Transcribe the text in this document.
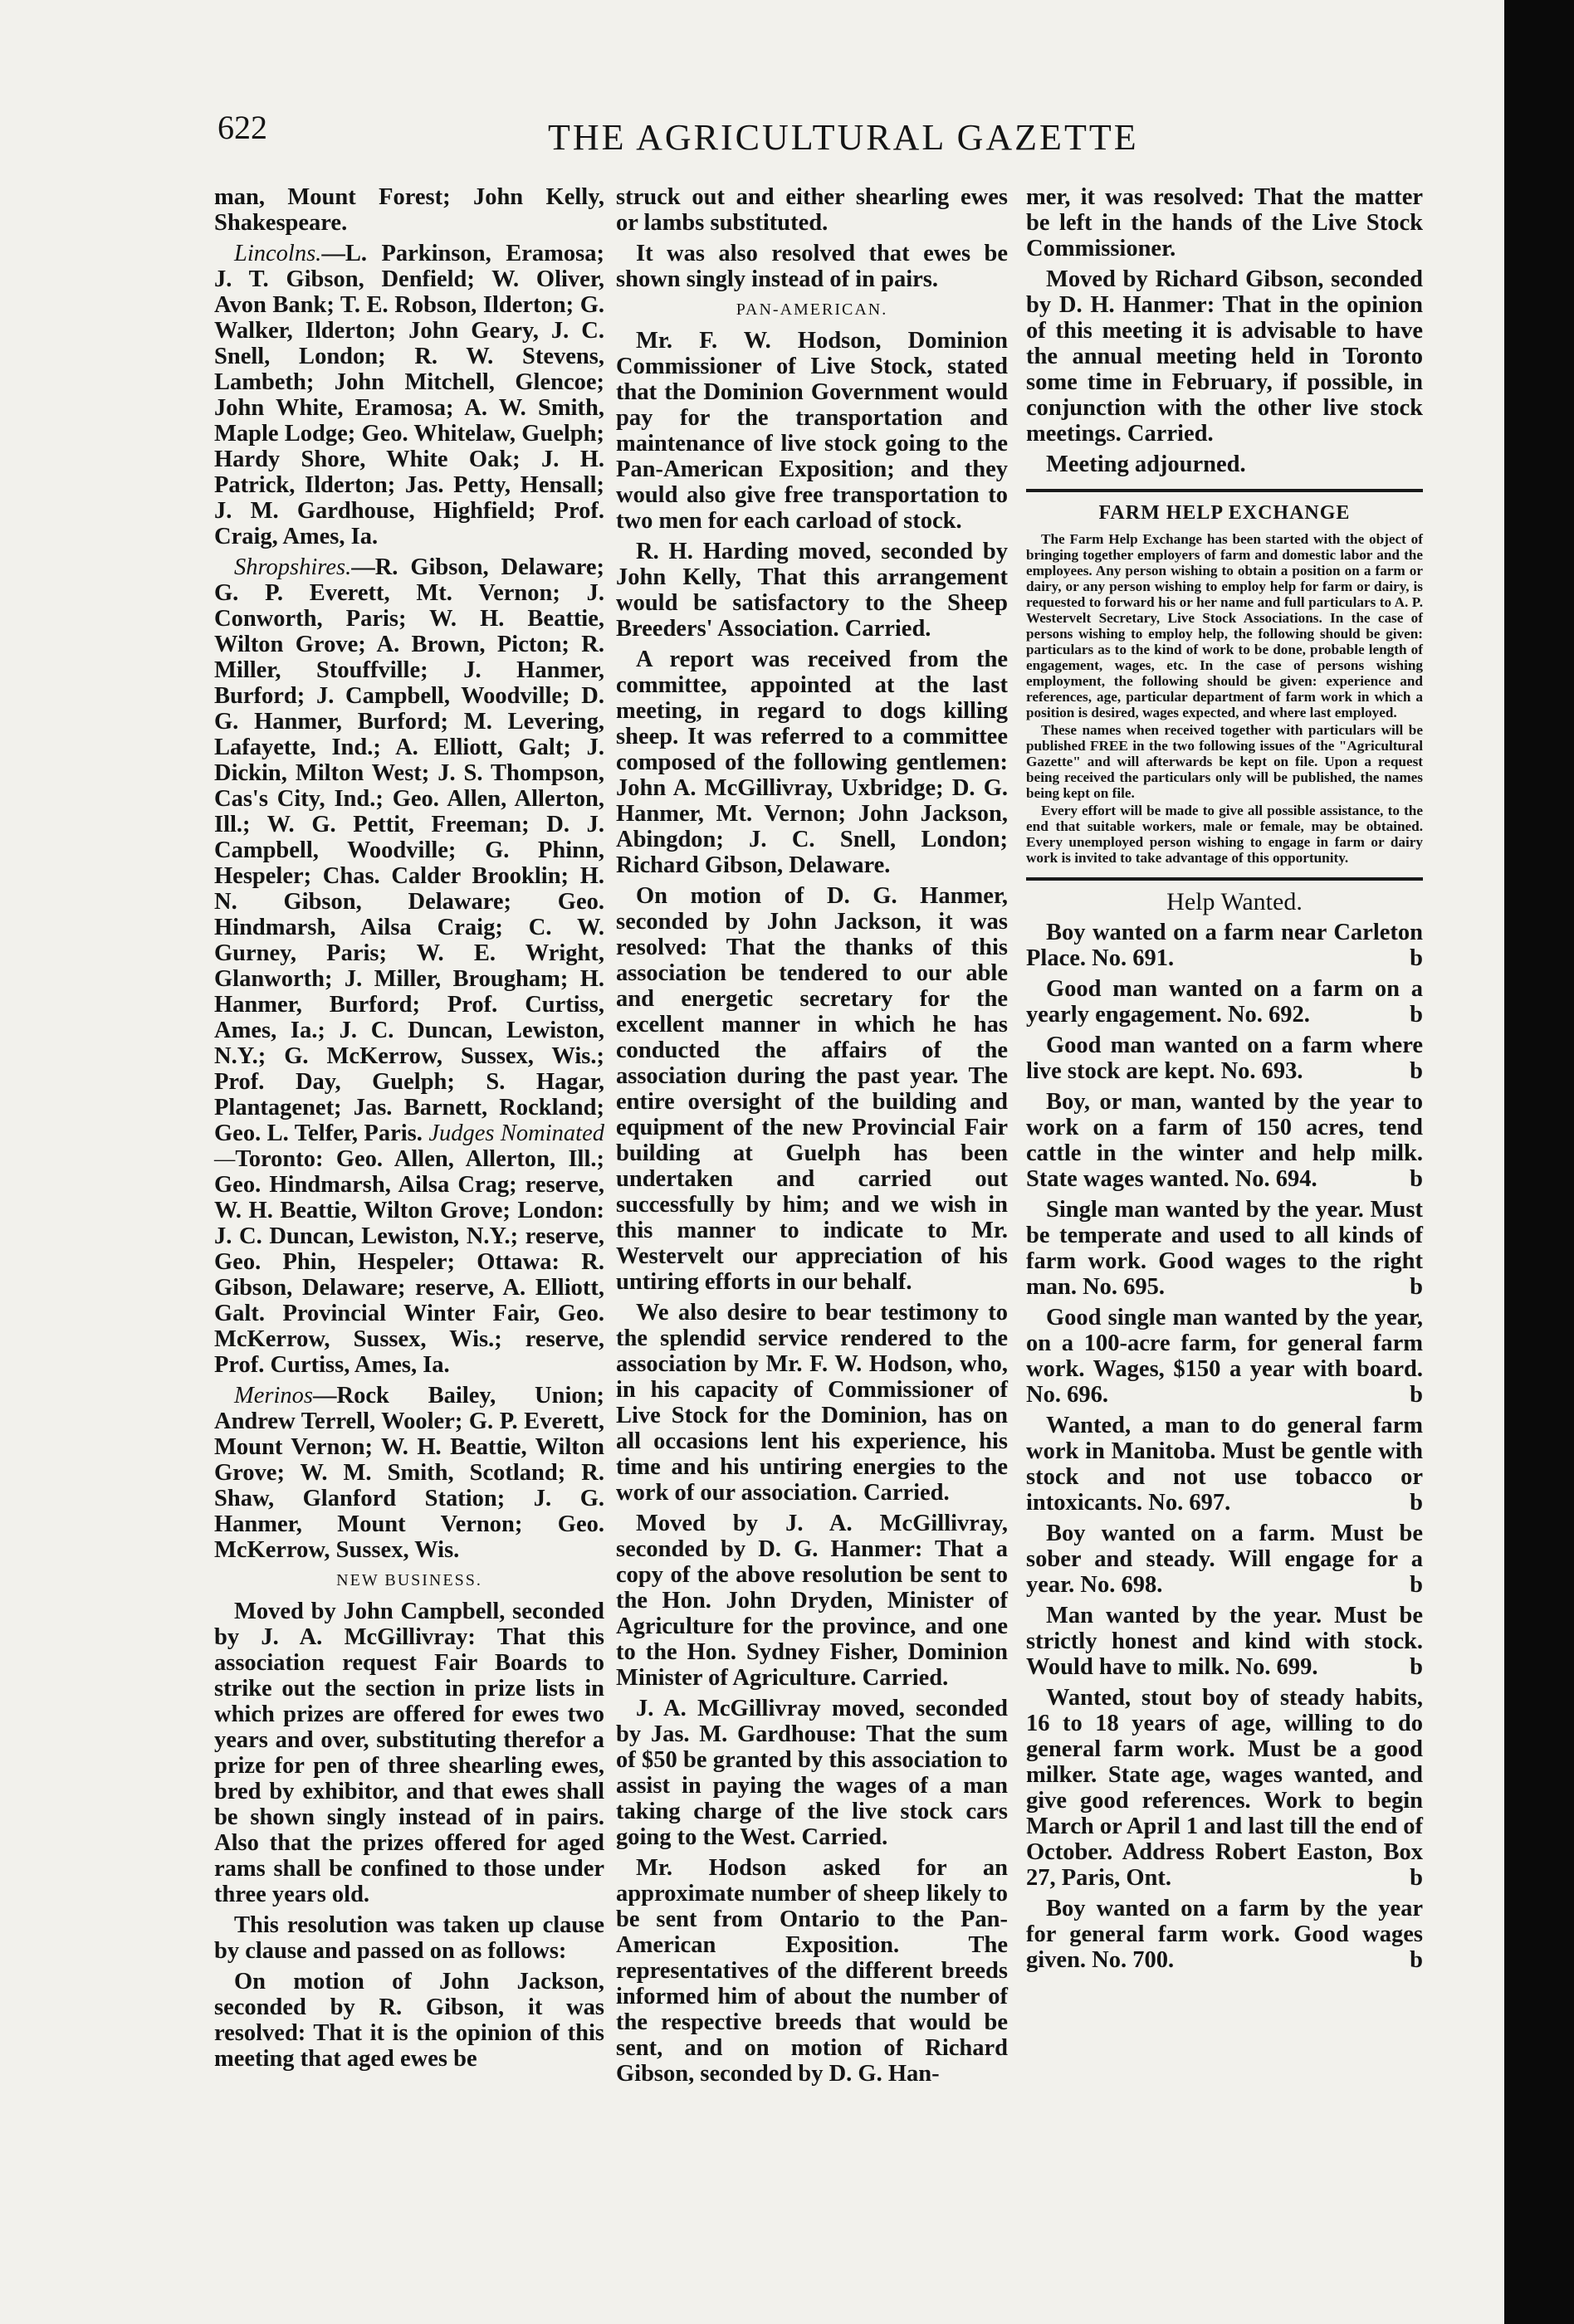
622	THE AGRICULTURAL GAZETTE

man, Mount Forest; John Kelly, Shakespeare.

Lincolns.—L. Parkinson, Eramosa; J. T. Gibson, Denfield; W. Oliver, Avon Bank; T. E. Robson, Ilderton; G. Walker, Ilderton; John Geary, J. C. Snell, London; R. W. Stevens, Lambeth; John Mitchell, Glencoe; John White, Eramosa; A. W. Smith, Maple Lodge; Geo. Whitelaw, Guelph; Hardy Shore, White Oak; J. H. Patrick, Ilderton; Jas. Petty, Hensall; J. M. Gardhouse, Highfield; Prof. Craig, Ames, Ia.

Shropshires.—R. Gibson, Delaware; G. P. Everett, Mt. Vernon; J. Conworth, Paris; W. H. Beattie, Wilton Grove; A. Brown, Picton; R. Miller, Stouffville; J. Hanmer, Burford; J. Campbell, Woodville; D. G. Hanmer, Burford; M. Levering, Lafayette, Ind.; A. Elliott, Galt; J. Dickin, Milton West; J. S. Thompson, Cas's City, Ind.; Geo. Allen, Allerton, Ill.; W. G. Pettit, Freeman; D. J. Campbell, Woodville; G. Phinn, Hespeler; Chas. Calder Brooklin; H. N. Gibson, Delaware; Geo. Hindmarsh, Ailsa Craig; C. W. Gurney, Paris; W. E. Wright, Glanworth; J. Miller, Brougham; H. Hanmer, Burford; Prof. Curtiss, Ames, Ia.; J. C. Duncan, Lewiston, N.Y.; G. McKerrow, Sussex, Wis.; Prof. Day, Guelph; S. Hagar, Plantagenet; Jas. Barnett, Rockland; Geo. L. Telfer, Paris. Judges Nominated—Toronto: Geo. Allen, Allerton, Ill.; Geo. Hindmarsh, Ailsa Crag; reserve, W. H. Beattie, Wilton Grove; London: J. C. Duncan, Lewiston, N.Y.; reserve, Geo. Phin, Hespeler; Ottawa: R. Gibson, Delaware; reserve, A. Elliott, Galt. Provincial Winter Fair, Geo. McKerrow, Sussex, Wis.; reserve, Prof. Curtiss, Ames, Ia.

Merinos—Rock Bailey, Union; Andrew Terrell, Wooler; G. P. Everett, Mount Vernon; W. H. Beattie, Wilton Grove; W. M. Smith, Scotland; R. Shaw, Glanford Station; J. G. Hanmer, Mount Vernon; Geo. McKerrow, Sussex, Wis.

NEW BUSINESS.

Moved by John Campbell, seconded by J. A. McGillivray: That this association request Fair Boards to strike out the section in prize lists in which prizes are offered for ewes two years and over, substituting therefor a prize for pen of three shearling ewes, bred by exhibitor, and that ewes shall be shown singly instead of in pairs. Also that the prizes offered for aged rams shall be confined to those under three years old.

This resolution was taken up clause by clause and passed on as follows:

On motion of John Jackson, seconded by R. Gibson, it was resolved: That it is the opinion of this meeting that aged ewes be

struck out and either shearling ewes or lambs substituted.

It was also resolved that ewes be shown singly instead of in pairs.

PAN-AMERICAN.

Mr. F. W. Hodson, Dominion Commissioner of Live Stock, stated that the Dominion Government would pay for the transportation and maintenance of live stock going to the Pan-American Exposition; and they would also give free transportation to two men for each carload of stock.

R. H. Harding moved, seconded by John Kelly, That this arrangement would be satisfactory to the Sheep Breeders' Association. Carried.

A report was received from the committee, appointed at the last meeting, in regard to dogs killing sheep. It was referred to a committee composed of the following gentlemen: John A. McGillivray, Uxbridge; D. G. Hanmer, Mt. Vernon; John Jackson, Abingdon; J. C. Snell, London; Richard Gibson, Delaware.

On motion of D. G. Hanmer, seconded by John Jackson, it was resolved: That the thanks of this association be tendered to our able and energetic secretary for the excellent manner in which he has conducted the affairs of the association during the past year. The entire oversight of the building and equipment of the new Provincial Fair building at Guelph has been undertaken and carried out successfully by him; and we wish in this manner to indicate to Mr. Westervelt our appreciation of his untiring efforts in our behalf.

We also desire to bear testimony to the splendid service rendered to the association by Mr. F. W. Hodson, who, in his capacity of Commissioner of Live Stock for the Dominion, has on all occasions lent his experience, his time and his untiring energies to the work of our association. Carried.

Moved by J. A. McGillivray, seconded by D. G. Hanmer: That a copy of the above resolution be sent to the Hon. John Dryden, Minister of Agriculture for the province, and one to the Hon. Sydney Fisher, Dominion Minister of Agriculture. Carried.

J. A. McGillivray moved, seconded by Jas. M. Gardhouse: That the sum of $50 be granted by this association to assist in paying the wages of a man taking charge of the live stock cars going to the West. Carried.

Mr. Hodson asked for an approximate number of sheep likely to be sent from Ontario to the Pan-American Exposition. The representatives of the different breeds informed him of about the number of the respective breeds that would be sent, and on motion of Richard Gibson, seconded by D. G. Han-

mer, it was resolved: That the matter be left in the hands of the Live Stock Commissioner.

Moved by Richard Gibson, seconded by D. H. Hanmer: That in the opinion of this meeting it is advisable to have the annual meeting held in Toronto some time in February, if possible, in conjunction with the other live stock meetings. Carried.

Meeting adjourned.

FARM HELP EXCHANGE

The Farm Help Exchange has been started with the object of bringing together employers of farm and domestic labor and the employees. Any person wishing to obtain a position on a farm or dairy, or any person wishing to employ help for farm or dairy, is requested to forward his or her name and full particulars to A. P. Westervelt Secretary, Live Stock Associations. In the case of persons wishing to employ help, the following should be given: particulars as to the kind of work to be done, probable length of engagement, wages, etc. In the case of persons wishing employment, the following should be given: experience and references, age, particular department of farm work in which a position is desired, wages expected, and where last employed.

These names when received together with particulars will be published FREE in the two following issues of the "Agricultural Gazette" and will afterwards be kept on file. Upon a request being received the particulars only will be published, the names being kept on file.

Every effort will be made to give all possible assistance, to the end that suitable workers, male or female, may be obtained. Every unemployed person wishing to engage in farm or dairy work is invited to take advantage of this opportunity.

Help Wanted.

Boy wanted on a farm near Carleton Place. No. 691.	b

Good man wanted on a farm on a yearly engagement. No. 692.	b

Good man wanted on a farm where live stock are kept. No. 693.	b

Boy, or man, wanted by the year to work on a farm of 150 acres, tend cattle in the winter and help milk. State wages wanted. No. 694.	b

Single man wanted by the year. Must be temperate and used to all kinds of farm work. Good wages to the right man. No. 695.	b

Good single man wanted by the year, on a 100-acre farm, for general farm work. Wages, $150 a year with board. No. 696.	b

Wanted, a man to do general farm work in Manitoba. Must be gentle with stock and not use tobacco or intoxicants. No. 697.	b

Boy wanted on a farm. Must be sober and steady. Will engage for a year. No. 698.	b

Man wanted by the year. Must be strictly honest and kind with stock. Would have to milk. No. 699.	b

Wanted, stout boy of steady habits, 16 to 18 years of age, willing to do general farm work. Must be a good milker. State age, wages wanted, and give good references. Work to begin March or April 1 and last till the end of October. Address Robert Easton, Box 27, Paris, Ont.	b

Boy wanted on a farm by the year for general farm work. Good wages given. No. 700.	b
